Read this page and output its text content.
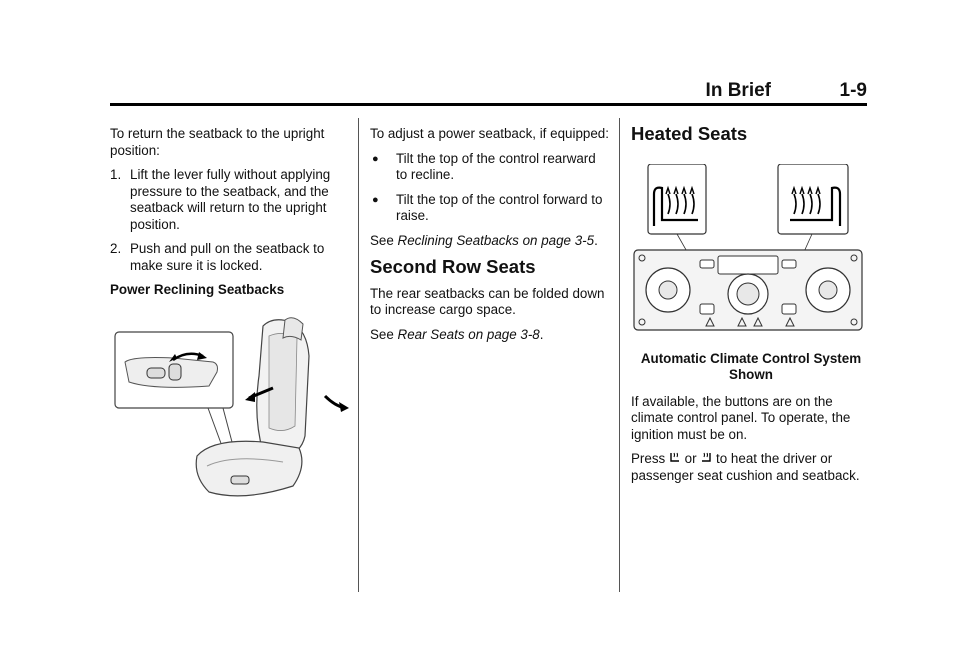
In Brief	1-9

To return the seatback to the upright position:

1. Lift the lever fully without applying pressure to the seatback, and the seatback will return to the upright position.
2. Push and pull on the seatback to make sure it is locked.

Power Reclining Seatbacks

To adjust a power seatback, if equipped:

●	Tilt the top of the control rearward to recline.
●	Tilt the top of the control forward to raise.

See Reclining Seatbacks on page 3-5.

Second Row Seats

The rear seatbacks can be folded down to increase cargo space.

See Rear Seats on page 3-8.

Heated Seats

Automatic Climate Control System Shown

If available, the buttons are on the climate control panel. To operate, the ignition must be on.

Press  or  to heat the driver or passenger seat cushion and seatback.
